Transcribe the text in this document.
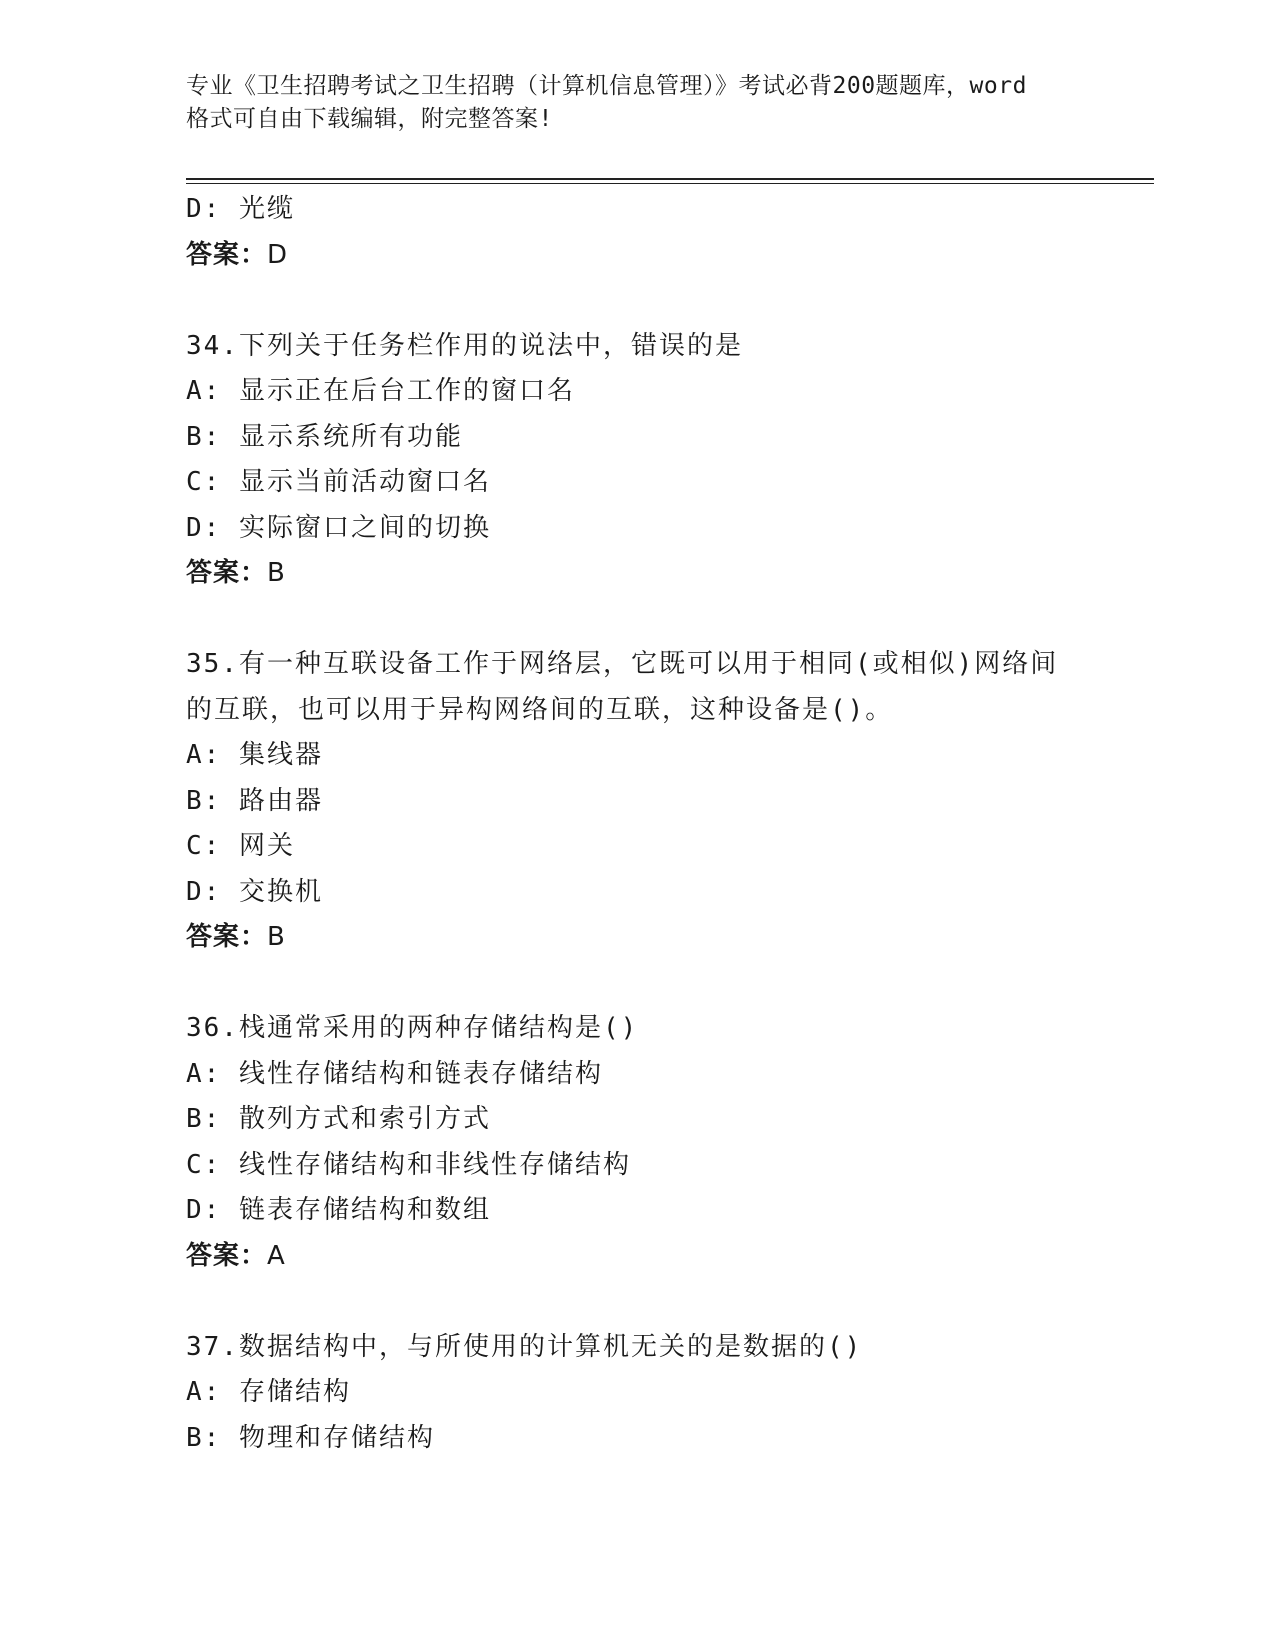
专业《卫生招聘考试之卫生招聘（计算机信息管理）》考试必背200题题库，word
格式可自由下载编辑，附完整答案!
D: 光缆
答案：D
34.下列关于任务栏作用的说法中，错误的是
A: 显示正在后台工作的窗口名
B: 显示系统所有功能
C: 显示当前活动窗口名
D: 实际窗口之间的切换
答案：B
35.有一种互联设备工作于网络层，它既可以用于相同(或相似)网络间
的互联，也可以用于异构网络间的互联，这种设备是()。
A: 集线器
B: 路由器
C: 网关
D: 交换机
答案：B
36.栈通常采用的两种存储结构是()
A: 线性存储结构和链表存储结构
B: 散列方式和索引方式
C: 线性存储结构和非线性存储结构
D: 链表存储结构和数组
答案：A
37.数据结构中，与所使用的计算机无关的是数据的()
A: 存储结构
B: 物理和存储结构
